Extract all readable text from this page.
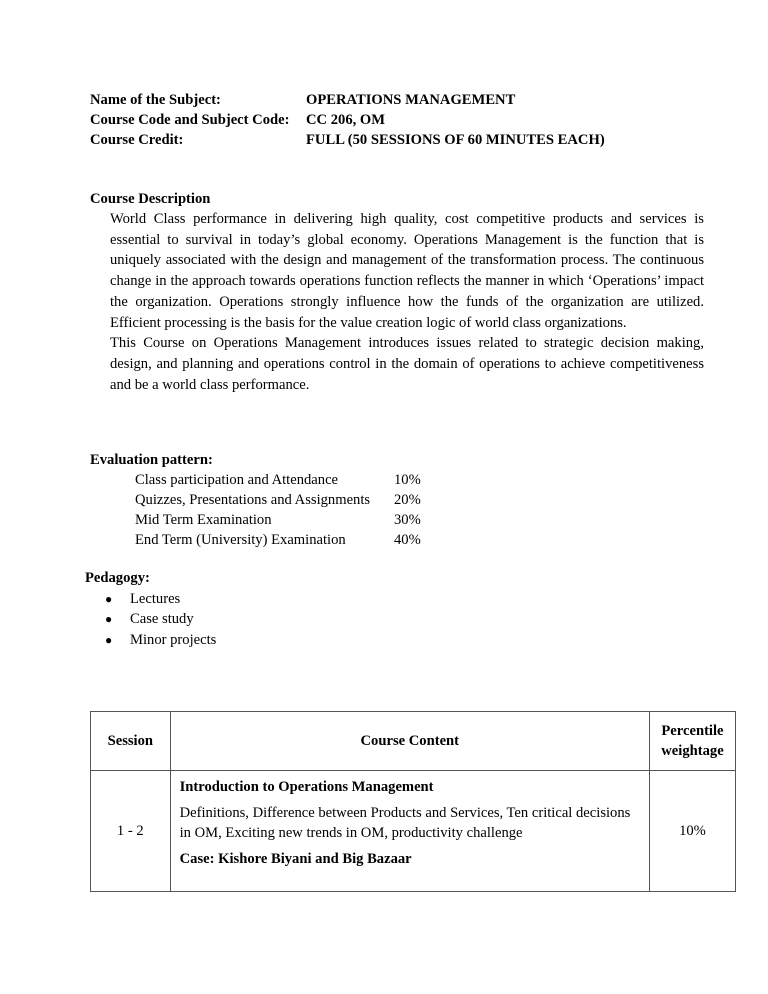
Name of the Subject:	OPERATIONS MANAGEMENT
Course Code and Subject Code: CC 206, OM
Course Credit:	FULL (50 SESSIONS OF 60 MINUTES EACH)
Course Description

World Class performance in delivering high quality, cost competitive products and services is essential to survival in today’s global economy. Operations Management is the function that is uniquely associated with the design and management of the transformation process. The continuous change in the approach towards operations function reflects the manner in which ‘Operations’ impact the organization. Operations strongly influence how the funds of the organization are utilized. Efficient processing is the basis for the value creation logic of world class organizations.

This Course on Operations Management introduces issues related to strategic decision making, design, and planning and operations control in the domain of operations to achieve competitiveness and be a world class performance.

Evaluation pattern:
Class participation and Attendance	10%
Quizzes, Presentations and Assignments 20%
Mid Term Examination	30%
End Term (University) Examination	40%
Pedagogy:
● Lectures
● Case study
● Minor projects
Session	Course Content	Percentile
weightage
1 - 2	Introduction to Operations Management

Definitions, Difference between Products and Services, Ten critical decisions in OM, Exciting new trends in OM, productivity challenge

Case: Kishore Biyani and Big Bazaar	10%
